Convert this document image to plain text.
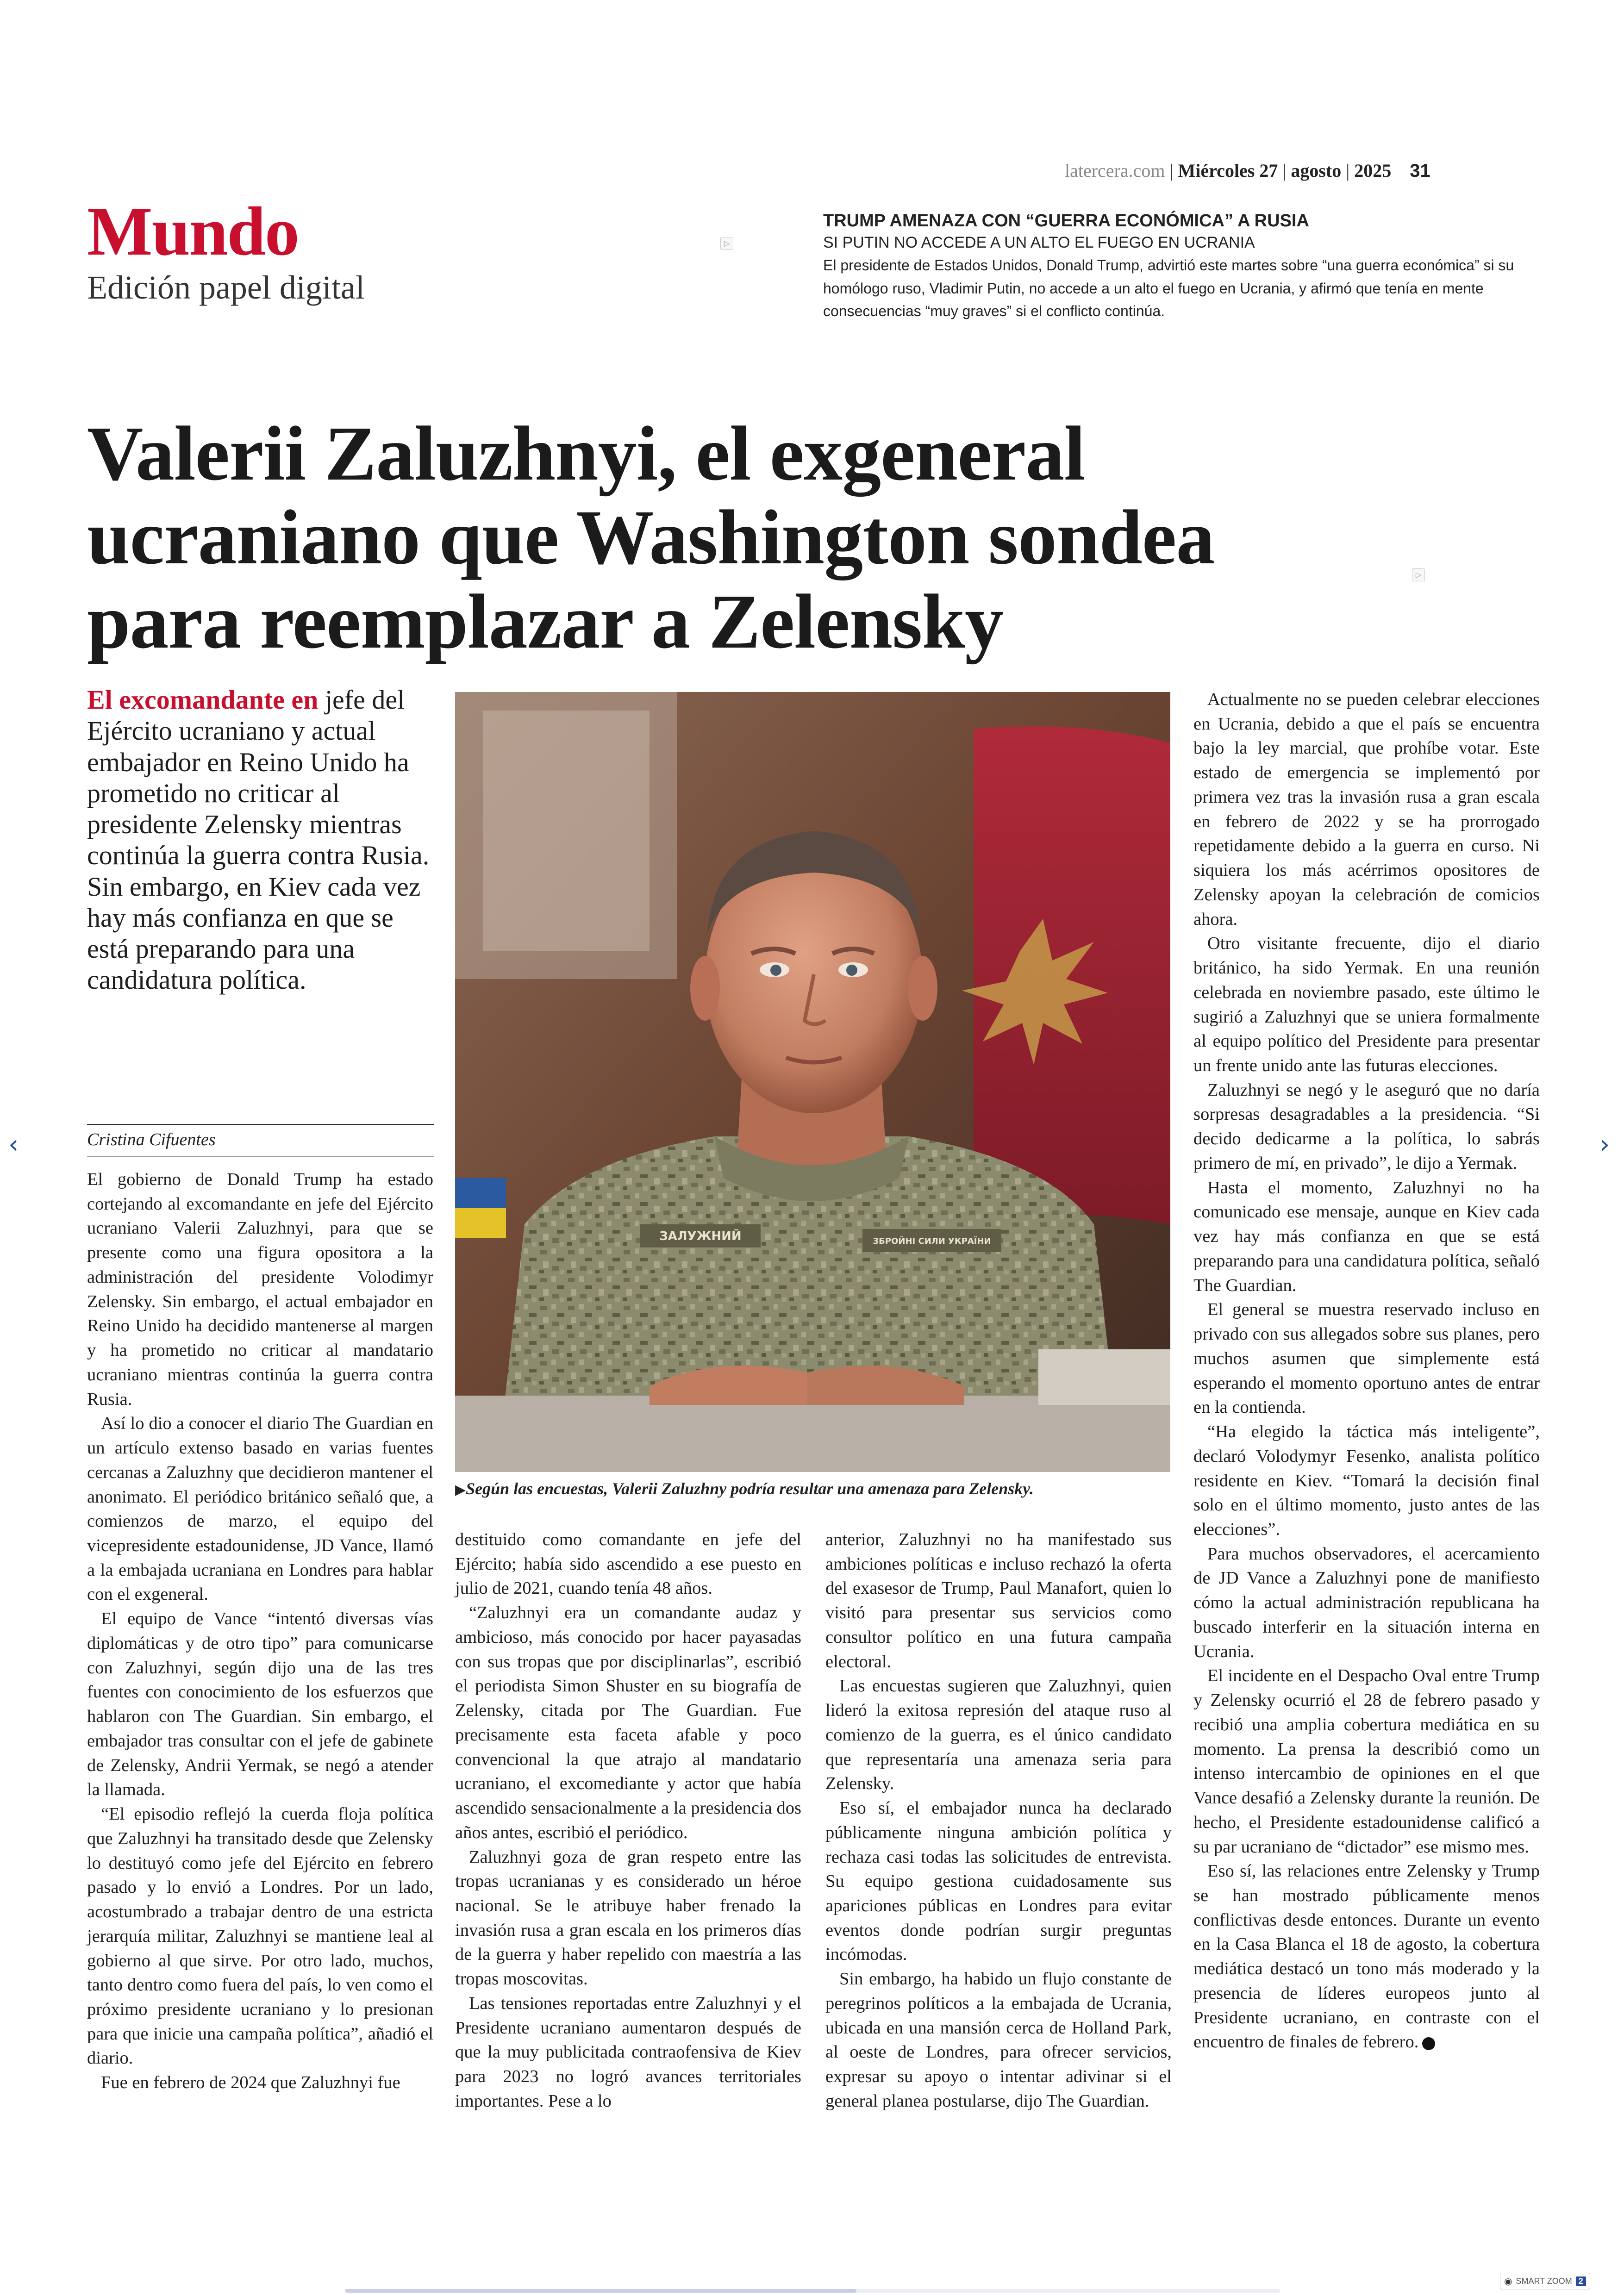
latercera.com | Miércoles 27 | agosto | 2025 31
Mundo
Edición papel digital
▷

TRUMP AMENAZA CON “GUERRA ECONÓMICA” A RUSIA

SI PUTIN NO ACCEDE A UN ALTO EL FUEGO EN UCRANIA

El presidente de Estados Unidos, Donald Trump, advirtió este martes sobre “una guerra económica” si su homólogo ruso, Vladimir Putin, no accede a un alto el fuego en Ucrania, y afirmó que tenía en mente consecuencias “muy graves” si el conflicto continúa.

Valerii Zaluzhnyi, el exgeneral ucraniano que Washington sondea para reemplazar a Zelensky
▷
El excomandante en jefe del Ejército ucraniano y actual embajador en Reino Unido ha prometido no criticar al presidente Zelensky mientras continúa la guerra contra Rusia. Sin embargo, en Kiev cada vez hay más confianza en que se está preparando para una candidatura política.
Cristina Cifuentes

El gobierno de Donald Trump ha estado cortejando al excomandante en jefe del Ejército ucraniano Valerii Zaluzhnyi, para que se presente como una figura opositora a la administración del presidente Volodimyr Zelensky. Sin embargo, el actual embajador en Reino Unido ha decidido mantenerse al margen y ha prometido no criticar al mandatario ucraniano mientras continúa la guerra contra Rusia.

Así lo dio a conocer el diario The Guardian en un artículo extenso basado en varias fuentes cercanas a Zaluzhny que decidieron mantener el anonimato. El periódico británico señaló que, a comienzos de marzo, el equipo del vicepresidente estadounidense, JD Vance, llamó a la embajada ucraniana en Londres para hablar con el exgeneral.

El equipo de Vance “intentó diversas vías diplomáticas y de otro tipo” para comunicarse con Zaluzhnyi, según dijo una de las tres fuentes con conocimiento de los esfuerzos que hablaron con The Guardian. Sin embargo, el embajador tras consultar con el jefe de gabinete de Zelensky, Andrii Yermak, se negó a atender la llamada.

“El episodio reflejó la cuerda floja política que Zaluzhnyi ha transitado desde que Zelensky lo destituyó como jefe del Ejército en febrero pasado y lo envió a Londres. Por un lado, acostumbrado a trabajar dentro de una estricta jerarquía militar, Zaluzhnyi se mantiene leal al gobierno al que sirve. Por otro lado, muchos, tanto dentro como fuera del país, lo ven como el próximo presidente ucraniano y lo presionan para que inicie una campaña política”, añadió el diario.

Fue en febrero de 2024 que Zaluzhnyi fue

ЗАЛУЖНИЙ	ЗБРОЙНІ СИЛИ УКРАЇНИ
▶Según las encuestas, Valerii Zaluzhny podría resultar una amenaza para Zelensky.

destituido como comandante en jefe del Ejército; había sido ascendido a ese puesto en julio de 2021, cuando tenía 48 años.

“Zaluzhnyi era un comandante audaz y ambicioso, más conocido por hacer payasadas con sus tropas que por disciplinarlas”, escribió el periodista Simon Shuster en su biografía de Zelensky, citada por The Guardian. Fue precisamente esta faceta afable y poco convencional la que atrajo al mandatario ucraniano, el excomediante y actor que había ascendido sensacionalmente a la presidencia dos años antes, escribió el periódico.

Zaluzhnyi goza de gran respeto entre las tropas ucranianas y es considerado un héroe nacional. Se le atribuye haber frenado la invasión rusa a gran escala en los primeros días de la guerra y haber repelido con maestría a las tropas moscovitas.

Las tensiones reportadas entre Zaluzhnyi y el Presidente ucraniano aumentaron después de que la muy publicitada contraofensiva de Kiev para 2023 no logró avances territoriales importantes. Pese a lo

anterior, Zaluzhnyi no ha manifestado sus ambiciones políticas e incluso rechazó la oferta del exasesor de Trump, Paul Manafort, quien lo visitó para presentar sus servicios como consultor político en una futura campaña electoral.

Las encuestas sugieren que Zaluzhnyi, quien lideró la exitosa represión del ataque ruso al comienzo de la guerra, es el único candidato que representaría una amenaza seria para Zelensky.

Eso sí, el embajador nunca ha declarado públicamente ninguna ambición política y rechaza casi todas las solicitudes de entrevista. Su equipo gestiona cuidadosamente sus apariciones públicas en Londres para evitar eventos donde podrían surgir preguntas incómodas.

Sin embargo, ha habido un flujo constante de peregrinos políticos a la embajada de Ucrania, ubicada en una mansión cerca de Holland Park, al oeste de Londres, para ofrecer servicios, expresar su apoyo o intentar adivinar si el general planea postularse, dijo The Guardian.

Actualmente no se pueden celebrar elecciones en Ucrania, debido a que el país se encuentra bajo la ley marcial, que prohíbe votar. Este estado de emergencia se implementó por primera vez tras la invasión rusa a gran escala en febrero de 2022 y se ha prorrogado repetidamente debido a la guerra en curso. Ni siquiera los más acérrimos opositores de Zelensky apoyan la celebración de comicios ahora.

Otro visitante frecuente, dijo el diario británico, ha sido Yermak. En una reunión celebrada en noviembre pasado, este último le sugirió a Zaluzhnyi que se uniera formalmente al equipo político del Presidente para presentar un frente unido ante las futuras elecciones.

Zaluzhnyi se negó y le aseguró que no daría sorpresas desagradables a la presidencia. “Si decido dedicarme a la política, lo sabrás primero de mí, en privado”, le dijo a Yermak.

Hasta el momento, Zaluzhnyi no ha comunicado ese mensaje, aunque en Kiev cada vez hay más confianza en que se está preparando para una candidatura política, señaló The Guardian.

El general se muestra reservado incluso en privado con sus allegados sobre sus planes, pero muchos asumen que simplemente está esperando el momento oportuno antes de entrar en la contienda.

“Ha elegido la táctica más inteligente”, declaró Volodymyr Fesenko, analista político residente en Kiev. “Tomará la decisión final solo en el último momento, justo antes de las elecciones”.

Para muchos observadores, el acercamiento de JD Vance a Zaluzhnyi pone de manifiesto cómo la actual administración republicana ha buscado interferir en la situación interna en Ucrania.

El incidente en el Despacho Oval entre Trump y Zelensky ocurrió el 28 de febrero pasado y recibió una amplia cobertura mediática en su momento. La prensa la describió como un intenso intercambio de opiniones en el que Vance desafió a Zelensky durante la reunión. De hecho, el Presidente estadounidense calificó a su par ucraniano de “dictador” ese mismo mes.

Eso sí, las relaciones entre Zelensky y Trump se han mostrado públicamente menos conflictivas desde entonces. Durante un evento en la Casa Blanca el 18 de agosto, la cobertura mediática destacó un tono más moderado y la presencia de líderes europeos junto al Presidente ucraniano, en contraste con el encuentro de finales de febrero.

‹	›
◉ SMART ZOOM 2
